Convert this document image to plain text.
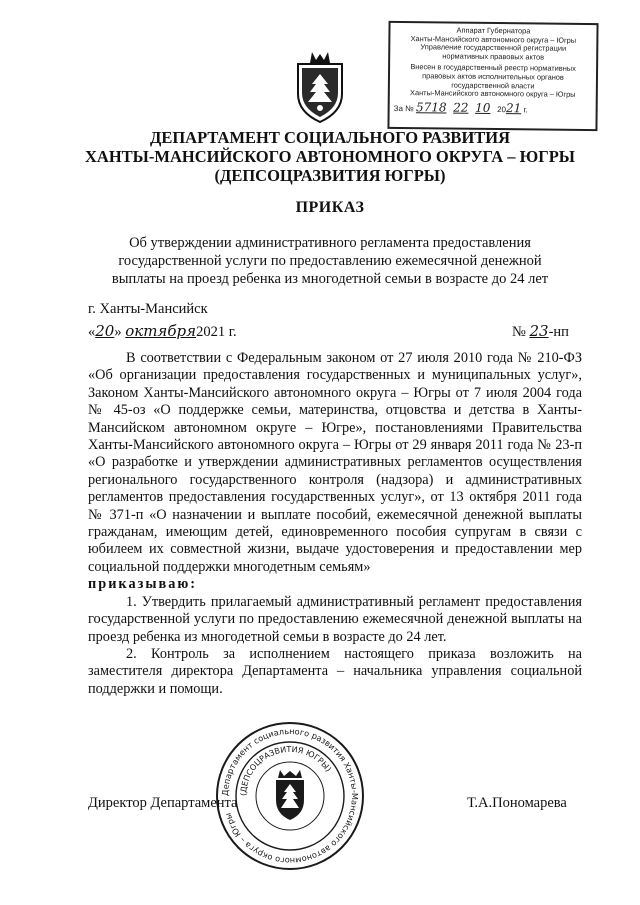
Аппарат Губернатора
Ханты-Мансийского автономного округа – Югры
Управление государственной регистрации
нормативных правовых актов
Внесен в государственный реестр нормативных
правовых актов исполнительных органов
государственной власти
Ханты-Мансийского автономного округа – Югры
За № 5718 22 10 2021 г.
ДЕПАРТАМЕНТ СОЦИАЛЬНОГО РАЗВИТИЯ
ХАНТЫ-МАНСИЙСКОГО АВТОНОМНОГО ОКРУГА – ЮГРЫ
(ДЕПСОЦРАЗВИТИЯ ЮГРЫ)
ПРИКАЗ
Об утверждении административного регламента предоставления
государственной услуги по предоставлению ежемесячной денежной
выплаты на проезд ребенка из многодетной семьи в возрасте до 24 лет
г. Ханты-Мансийск
«20» октября2021 г.	№ 23-нп

В соответствии с Федеральным законом от 27 июля 2010 года № 210-ФЗ «Об организации предоставления государственных и муниципальных услуг», Законом Ханты-Мансийского автономного округа – Югры от 7 июля 2004 года № 45-оз «О поддержке семьи, материнства, отцовства и детства в Ханты-Мансийском автономном округе – Югре», постановлениями Правительства Ханты-Мансийского автономного округа – Югры от 29 января 2011 года № 23-п «О разработке и утверждении административных регламентов осуществления регионального государственного контроля (надзора) и административных регламентов предоставления государственных услуг», от 13 октября 2011 года № 371-п «О назначении и выплате пособий, ежемесячной денежной выплаты гражданам, имеющим детей, единовременного пособия супругам в связи с юбилеем их совместной жизни, выдаче удостоверения и предоставлении мер социальной поддержки многодетным семьям»

приказываю:

1. Утвердить прилагаемый административный регламент предоставления государственной услуги по предоставлению ежемесячной денежной выплаты на проезд ребенка из многодетной семьи в возрасте до 24 лет.

2. Контроль за исполнением настоящего приказа возложить на заместителя директора Департамента – начальника управления социальной поддержки и помощи.

Департамент социального развития Ханты-Мансийского автономного округа – Югры
(ДЕПСОЦРАЗВИТИЯ ЮГРЫ)
Директор Департамента	Т.А.Пономарева
